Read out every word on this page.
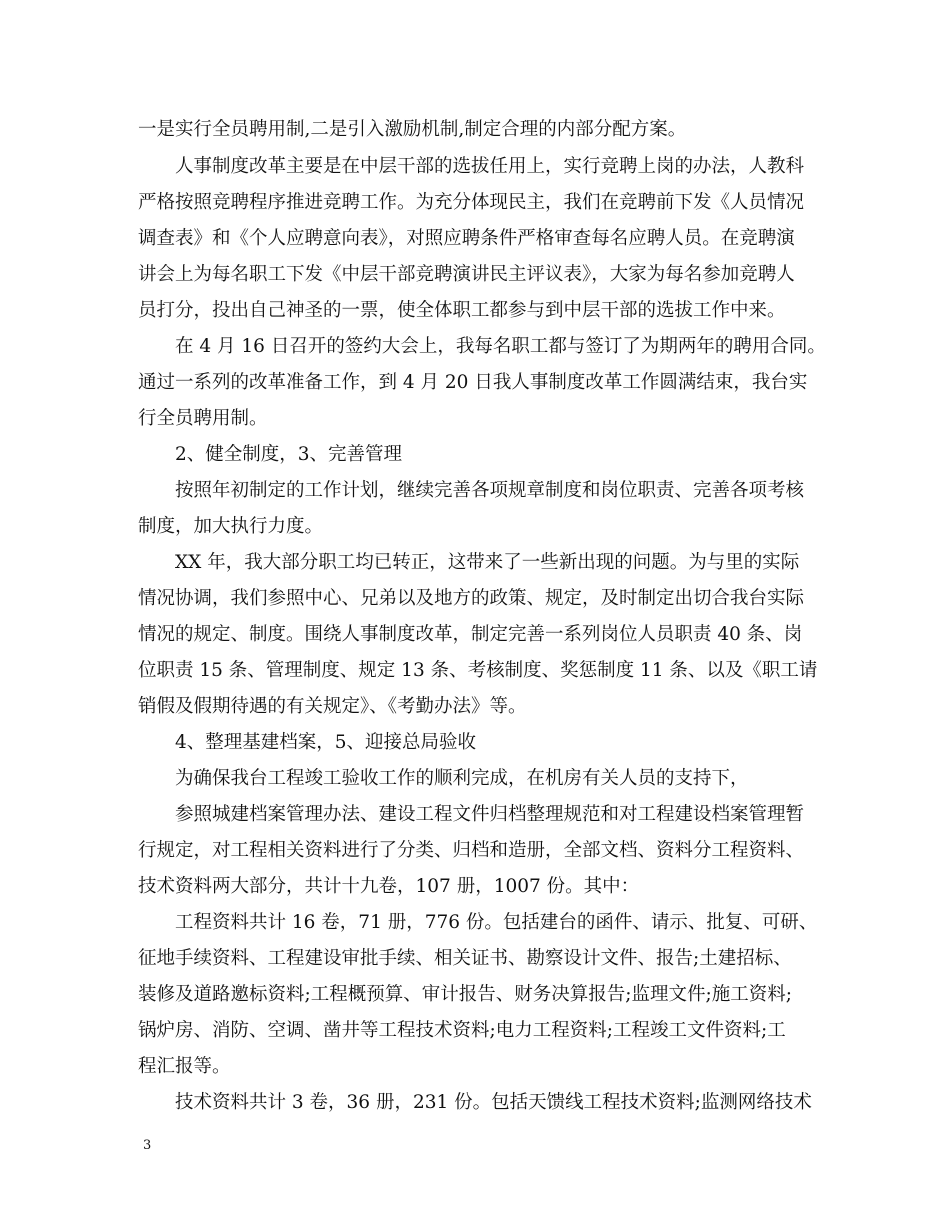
一是实行全员聘用制,二是引入激励机制,制定合理的内部分配方案。
人事制度改革主要是在中层干部的选拔任用上，实行竞聘上岗的办法，人教科
严格按照竞聘程序推进竞聘工作。为充分体现民主，我们在竞聘前下发《人员情况
调查表》和《个人应聘意向表》，对照应聘条件严格审查每名应聘人员。在竞聘演
讲会上为每名职工下发《中层干部竞聘演讲民主评议表》，大家为每名参加竞聘人
员打分，投出自己神圣的一票，使全体职工都参与到中层干部的选拔工作中来。
在 4 月 16 日召开的签约大会上，我每名职工都与签订了为期两年的聘用合同。
通过一系列的改革准备工作，到 4 月 20 日我人事制度改革工作圆满结束，我台实
行全员聘用制。
2、健全制度，3、完善管理
按照年初制定的工作计划，继续完善各项规章制度和岗位职责、完善各项考核
制度，加大执行力度。
XX 年，我大部分职工均已转正，这带来了一些新出现的问题。为与里的实际
情况协调，我们参照中心、兄弟以及地方的政策、规定，及时制定出切合我台实际
情况的规定、制度。围绕人事制度改革，制定完善一系列岗位人员职责 40 条、岗
位职责 15 条、管理制度、规定 13 条、考核制度、奖惩制度 11 条、以及《职工请
销假及假期待遇的有关规定》、《考勤办法》等。
4、整理基建档案，5、迎接总局验收
为确保我台工程竣工验收工作的顺利完成，在机房有关人员的支持下，
参照城建档案管理办法、建设工程文件归档整理规范和对工程建设档案管理暂
行规定，对工程相关资料进行了分类、归档和造册，全部文档、资料分工程资料、
技术资料两大部分，共计十九卷，107 册，1007 份。其中：
工程资料共计 16 卷，71 册，776 份。包括建台的函件、请示、批复、可研、
征地手续资料、工程建设审批手续、相关证书、勘察设计文件、报告;土建招标、
装修及道路邀标资料;工程概预算、审计报告、财务决算报告;监理文件;施工资料;
锅炉房、消防、空调、凿井等工程技术资料;电力工程资料;工程竣工文件资料;工
程汇报等。
技术资料共计 3 卷，36 册，231 份。包括天馈线工程技术资料;监测网络技术
3
